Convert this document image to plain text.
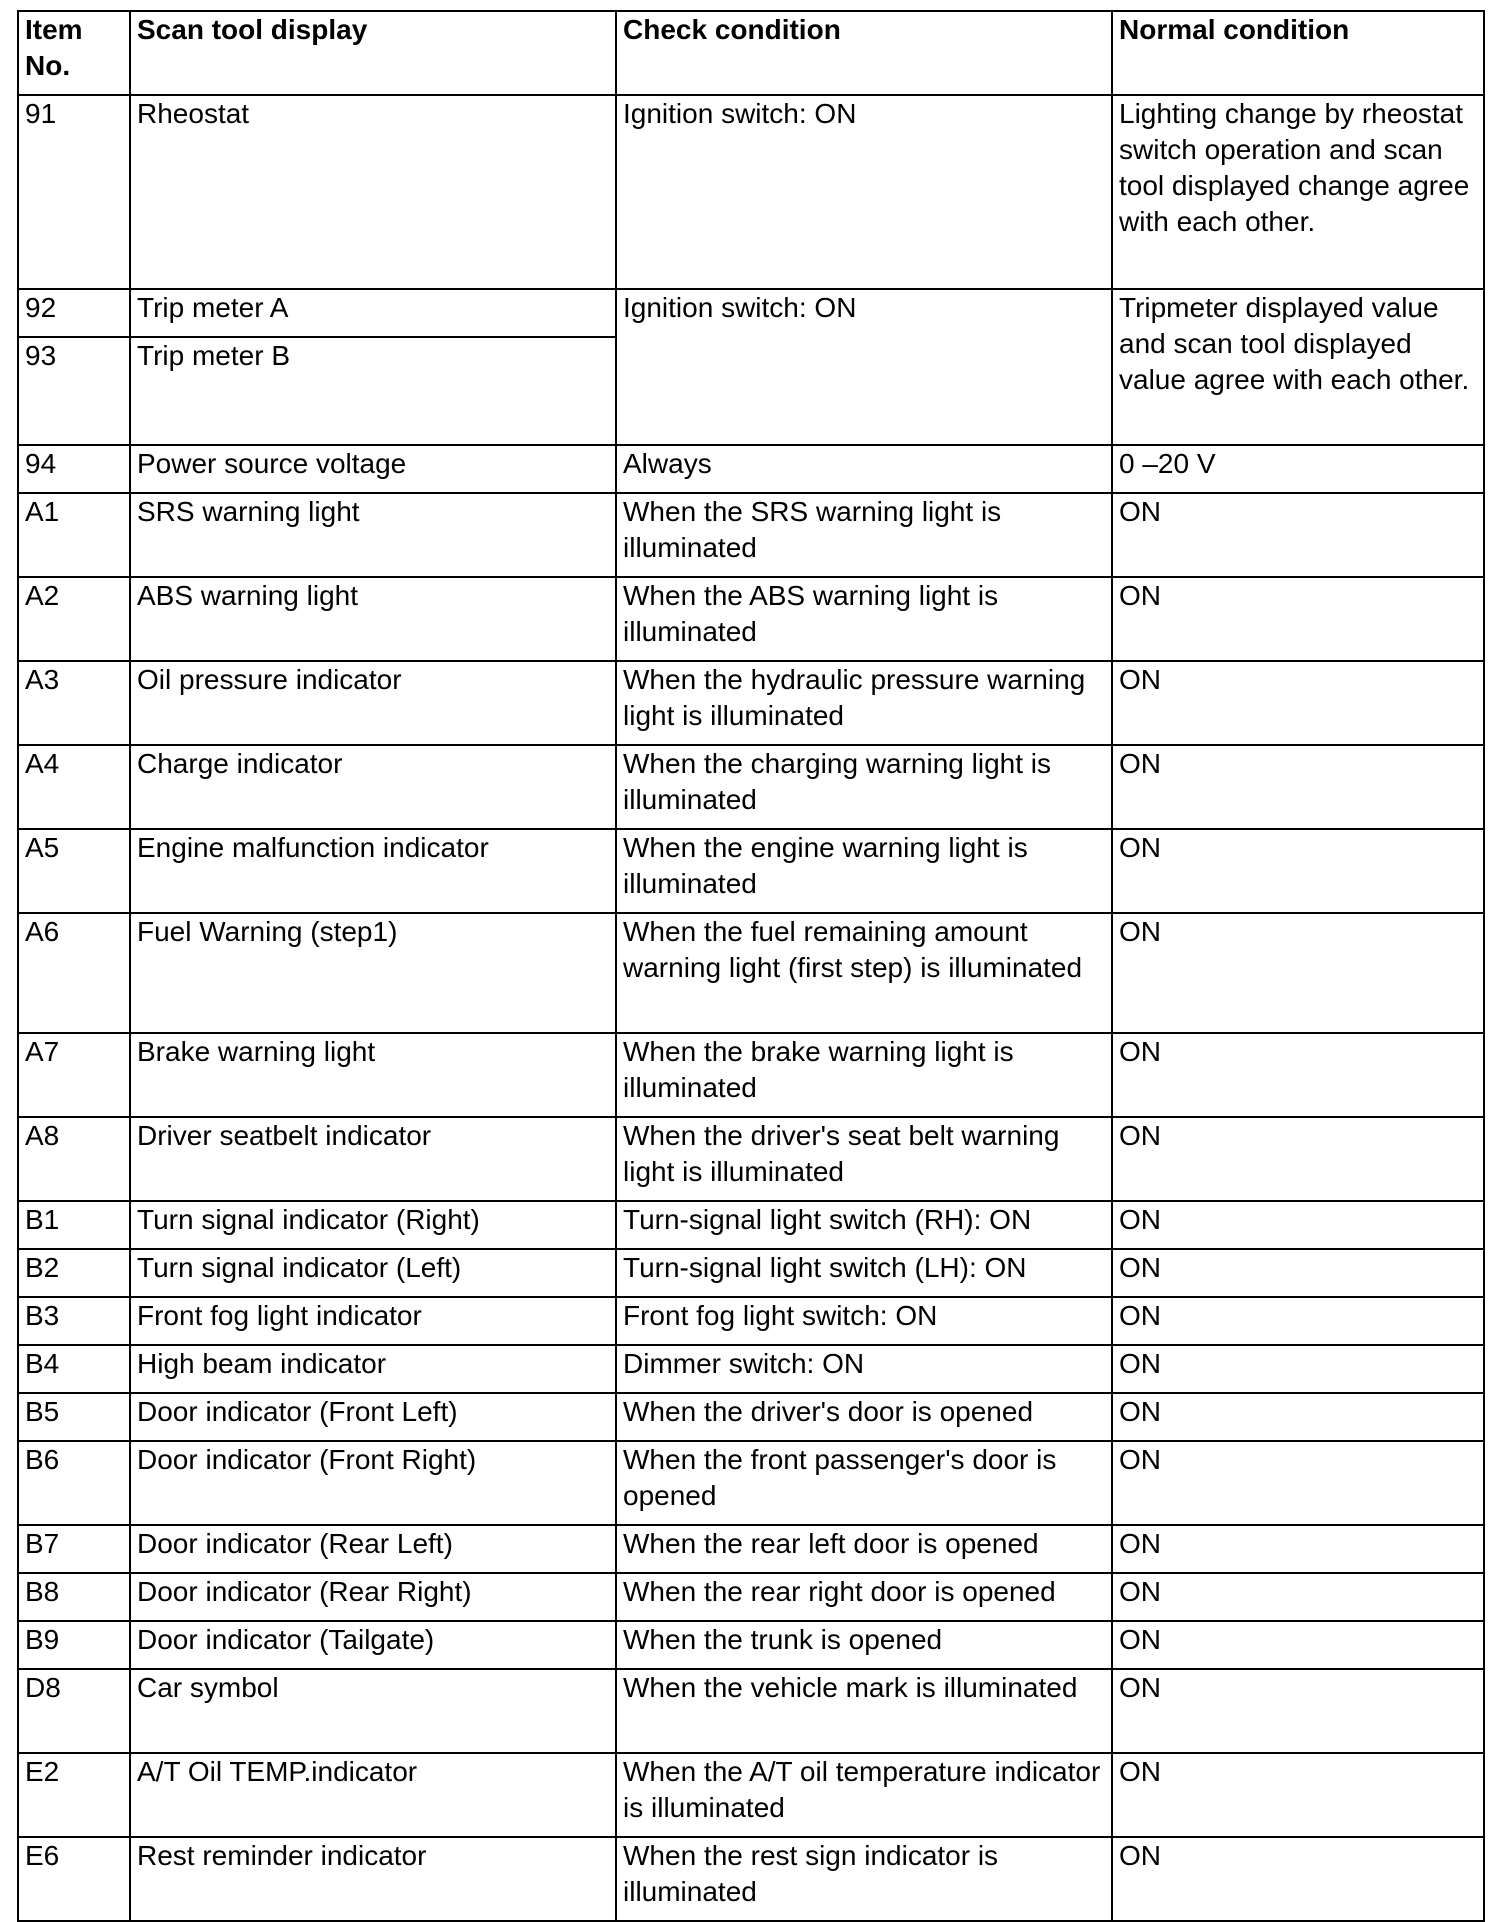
Item No.	Scan tool display	Check condition	Normal condition
91	Rheostat	Ignition switch: ON	Lighting change by rheostat switch operation and scan tool displayed change agree with each other.
92	Trip meter A	Ignition switch: ON	Tripmeter displayed value and scan tool displayed value agree with each other.
93	Trip meter B		
94	Power source voltage	Always	0 –20 V
A1	SRS warning light	When the SRS warning light is illuminated	ON
A2	ABS warning light	When the ABS warning light is illuminated	ON
A3	Oil pressure indicator	When the hydraulic pressure warning light is illuminated	ON
A4	Charge indicator	When the charging warning light is illuminated	ON
A5	Engine malfunction indicator	When the engine warning light is illuminated	ON
A6	Fuel Warning (step1)	When the fuel remaining amount warning light (first step) is illuminated	ON
A7	Brake warning light	When the brake warning light is illuminated	ON
A8	Driver seatbelt indicator	When the driver's seat belt warning light is illuminated	ON
B1	Turn signal indicator (Right)	Turn-signal light switch (RH): ON	ON
B2	Turn signal indicator (Left)	Turn-signal light switch (LH): ON	ON
B3	Front fog light indicator	Front fog light switch: ON	ON
B4	High beam indicator	Dimmer switch: ON	ON
B5	Door indicator (Front Left)	When the driver's door is opened	ON
B6	Door indicator (Front Right)	When the front passenger's door is opened	ON
B7	Door indicator (Rear Left)	When the rear left door is opened	ON
B8	Door indicator (Rear Right)	When the rear right door is opened	ON
B9	Door indicator (Tailgate)	When the trunk is opened	ON
D8	Car symbol	When the vehicle mark is illuminated	ON
E2	A/T Oil TEMP.indicator	When the A/T oil temperature indicator is illuminated	ON
E6	Rest reminder indicator	When the rest sign indicator is illuminated	ON
